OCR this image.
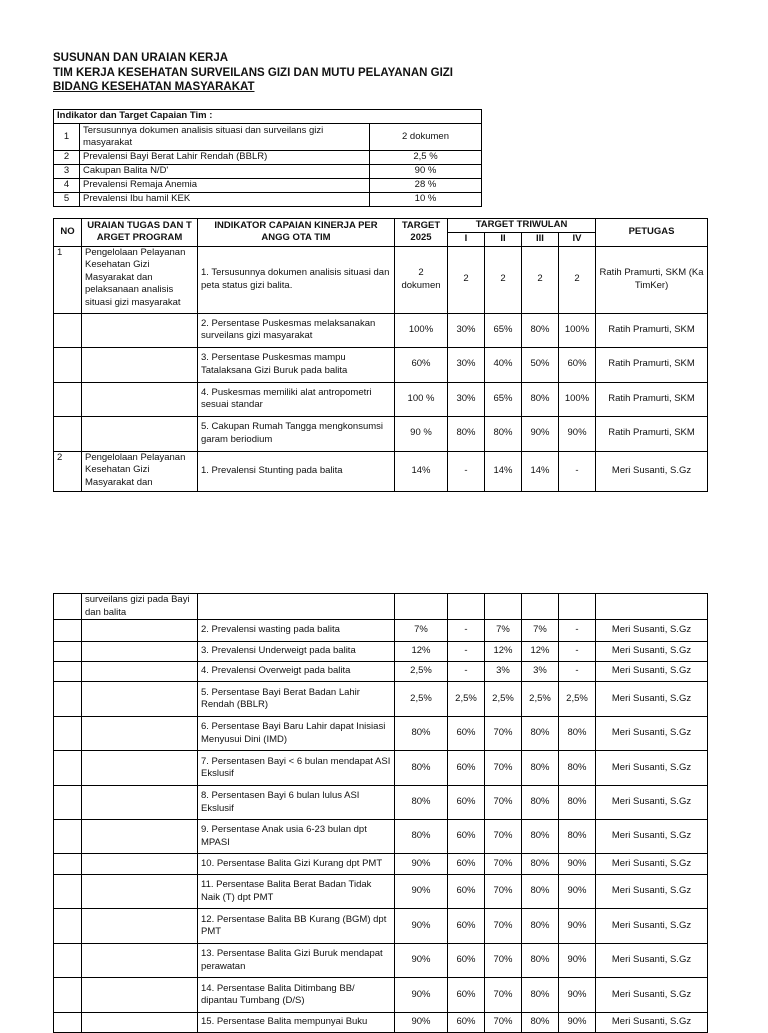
SUSUNAN DAN URAIAN KERJA
TIM KERJA KESEHATAN SURVEILANS GIZI DAN MUTU PELAYANAN GIZI
BIDANG KESEHATAN MASYARAKAT
Indikator dan Target Capaian Tim :		
1	Tersusunnya dokumen analisis situasi dan surveilans gizi masyarakat	2 dokumen
2	Prevalensi Bayi Berat Lahir Rendah (BBLR)	2,5 %
3	Cakupan Balita N/D'	90 %
4	Prevalensi Remaja Anemia	28 %
5	Prevalensi Ibu hamil KEK	10 %
NO	URAIAN TUGAS DAN T ARGET PROGRAM	INDIKATOR CAPAIAN KINERJA PER ANGG OTA TIM	TARGET 2025	TARGET TRIWULAN				PETUGAS
				I	II	III	IV	
1	Pengelolaan Pelayanan Kesehatan Gizi Masyarakat dan pelaksanaan analisis situasi gizi masyarakat	1. Tersusunnya dokumen analisis situasi dan peta status gizi balita.	2 dokumen	2	2	2	2	Ratih Pramurti, SKM (Ka TimKer)
		2. Persentase Puskesmas melaksanakan surveilans gizi masyarakat	100%	30%	65%	80%	100%	Ratih Pramurti, SKM
		3. Persentase Puskesmas mampu Tatalaksana Gizi Buruk pada balita	60%	30%	40%	50%	60%	Ratih Pramurti, SKM
		4. Puskesmas memiliki alat antropometri sesuai standar	100 %	30%	65%	80%	100%	Ratih Pramurti, SKM
		5. Cakupan Rumah Tangga mengkonsumsi garam beriodium	90 %	80%	80%	90%	90%	Ratih Pramurti, SKM
2	Pengelolaan Pelayanan Kesehatan Gizi Masyarakat dan	1. Prevalensi Stunting pada balita	14%	-	14%	14%	-	Meri Susanti, S.Gz
	surveilans gizi pada Bayi dan balita							
		2. Prevalensi wasting pada balita	7%	-	7%	7%	-	Meri Susanti, S.Gz
		3. Prevalensi Underweigt pada balita	12%	-	12%	12%	-	Meri Susanti, S.Gz
		4. Prevalensi Overweigt pada balita	2,5%	-	3%	3%	-	Meri Susanti, S.Gz
		5. Persentase Bayi Berat Badan Lahir Rendah (BBLR)	2,5%	2,5%	2,5%	2,5%	2,5%	Meri Susanti, S.Gz
		6. Persentase Bayi Baru Lahir dapat Inisiasi Menyusui Dini (IMD)	80%	60%	70%	80%	80%	Meri Susanti, S.Gz
		7. Persentasen Bayi < 6 bulan mendapat ASI Ekslusif	80%	60%	70%	80%	80%	Meri Susanti, S.Gz
		8. Persentasen Bayi 6 bulan lulus ASI Ekslusif	80%	60%	70%	80%	80%	Meri Susanti, S.Gz
		9. Persentase Anak usia 6-23 bulan dpt MPASI	80%	60%	70%	80%	80%	Meri Susanti, S.Gz
		10. Persentase Balita Gizi Kurang dpt PMT	90%	60%	70%	80%	90%	Meri Susanti, S.Gz
		11. Persentase Balita Berat Badan Tidak Naik (T) dpt PMT	90%	60%	70%	80%	90%	Meri Susanti, S.Gz
		12. Persentase Balita BB Kurang (BGM) dpt PMT	90%	60%	70%	80%	90%	Meri Susanti, S.Gz
		13. Persentase Balita Gizi Buruk mendapat perawatan	90%	60%	70%	80%	90%	Meri Susanti, S.Gz
		14. Persentase Balita Ditimbang BB/ dipantau Tumbang (D/S)	90%	60%	70%	80%	90%	Meri Susanti, S.Gz
		15. Persentase Balita mempunyai Buku	90%	60%	70%	80%	90%	Meri Susanti, S.Gz
